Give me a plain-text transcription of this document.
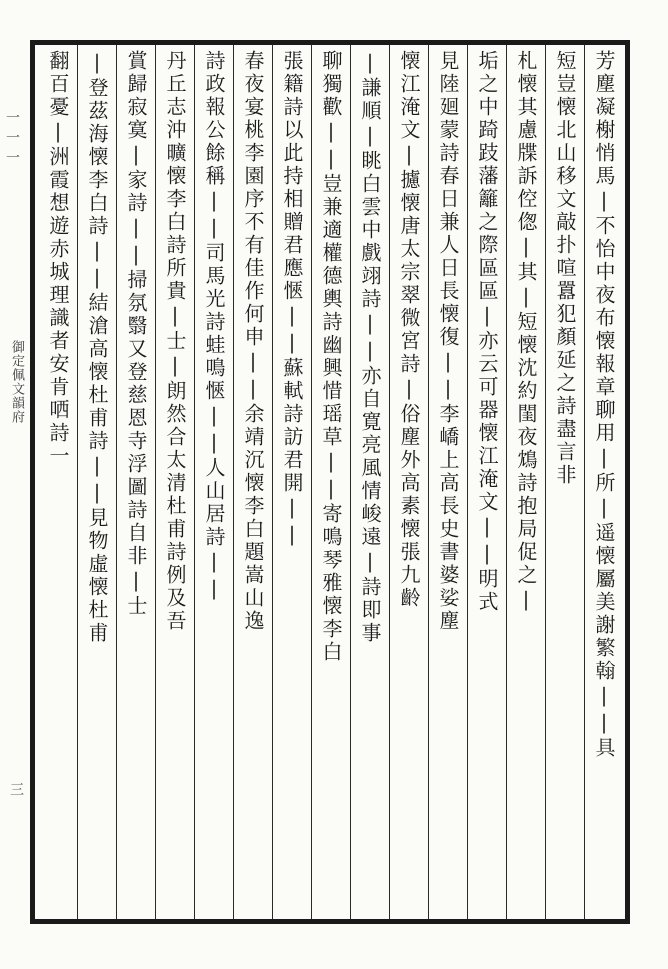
一一一
御定佩文韻府
三
芳塵凝榭悄馬|不怡中夜布懐報章聊用|所|遥懐屬美謝繁翰||具
短豈懐北山移文敲扑喧囂犯顏延之詩盡言非
札懐其慮牒訴倥偬|其|短懐沈約閨夜鴆詩抱局促之|
垢之中踦跂藩籬之際區區|亦云可器懐江淹文||明式
見陸廻蒙詩春日兼人日長懐復||李嶠上高長史書婆娑塵
懐江淹文|攄懐唐太宗翠微宮詩|俗塵外高素懐張九齡
|謙順|眺白雲中戲翊詩||亦自寛亮風情峻遠|詩即事
聊獨歡||豈兼適權德輿詩幽興惜瑶草||寄鳴琴雅懐李白
張籍詩以此持相贈君應愜||蘇軾詩訪君開||
春夜宴桃李園序不有佳作何申||余靖沉懐李白題嵩山逸
詩政報公餘稱||司馬光詩蛙鳴愜||人山居詩||
丹丘志沖曠懐李白詩所貴|士|朗然合太清杜甫詩例及吾
賞歸寂寞|家詩||掃氛翳又登慈恩寺浮圖詩自非|士
|登茲海懐李白詩||結滄高懐杜甫詩||見物虛懐杜甫
翻百憂|洲霞想遊赤城理識者安肯哂詩一
